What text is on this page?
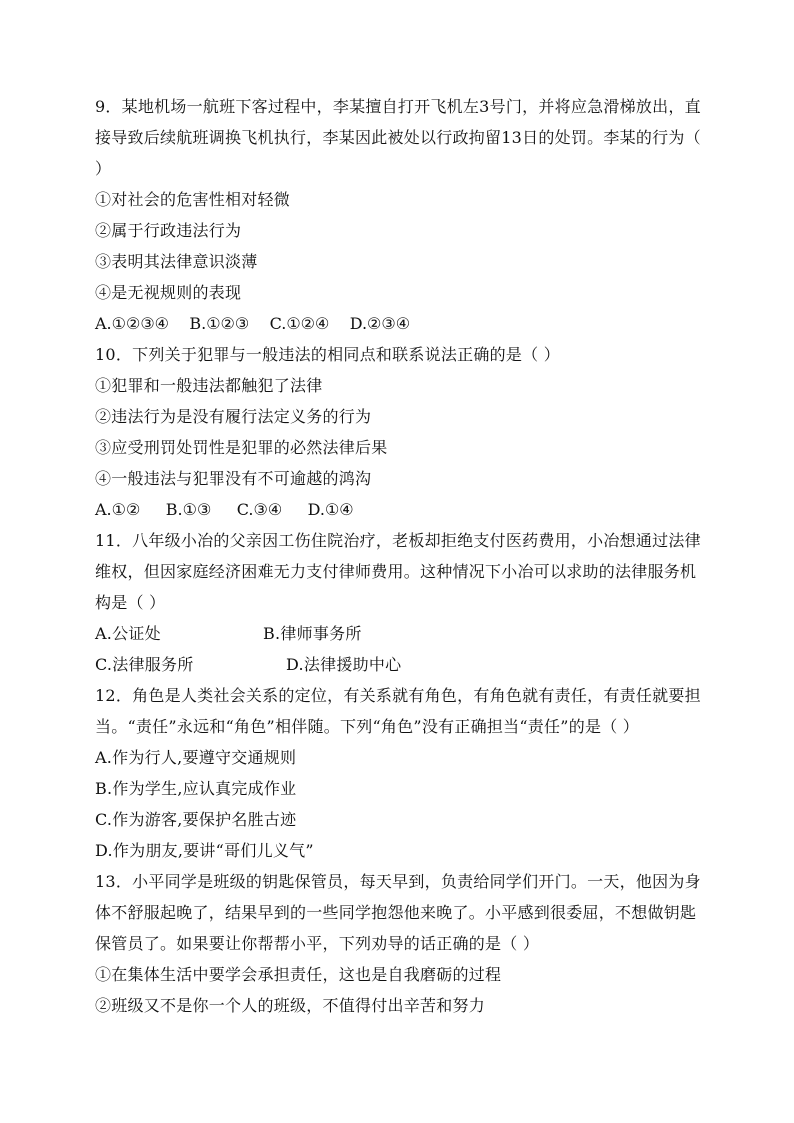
9．某地机场一航班下客过程中，李某擅自打开飞机左3号门，并将应急滑梯放出，直
接导致后续航班调换飞机执行，李某因此被处以行政拘留13日的处罚。李某的行为（
）
①对社会的危害性相对轻微
②属于行政违法行为
③表明其法律意识淡薄
④是无视规则的表现
A.①②③④    B.①②③    C.①②④    D.②③④
10．下列关于犯罪与一般违法的相同点和联系说法正确的是（ ）
①犯罪和一般违法都触犯了法律
②违法行为是没有履行法定义务的行为
③应受刑罚处罚性是犯罪的必然法律后果
④一般违法与犯罪没有不可逾越的鸿沟
A.①②     B.①③     C.③④     D.①④
11．八年级小冶的父亲因工伤住院治疗，老板却拒绝支付医药费用，小冶想通过法律
维权，但因家庭经济困难无力支付律师费用。这种情况下小冶可以求助的法律服务机
构是（ ）
A.公证处	B.律师事务所
C.法律服务所	D.法律援助中心
12．角色是人类社会关系的定位，有关系就有角色，有角色就有责任，有责任就要担
当。“责任”永远和“角色”相伴随。下列“角色”没有正确担当“责任”的是（ ）
A.作为行人,要遵守交通规则
B.作为学生,应认真完成作业
C.作为游客,要保护名胜古迹
D.作为朋友,要讲“哥们儿义气”
13．小平同学是班级的钥匙保管员，每天早到，负责给同学们开门。一天，他因为身
体不舒服起晚了，结果早到的一些同学抱怨他来晚了。小平感到很委屈，不想做钥匙
保管员了。如果要让你帮帮小平，下列劝导的话正确的是（ ）
①在集体生活中要学会承担责任，这也是自我磨砺的过程
②班级又不是你一个人的班级，不值得付出辛苦和努力
